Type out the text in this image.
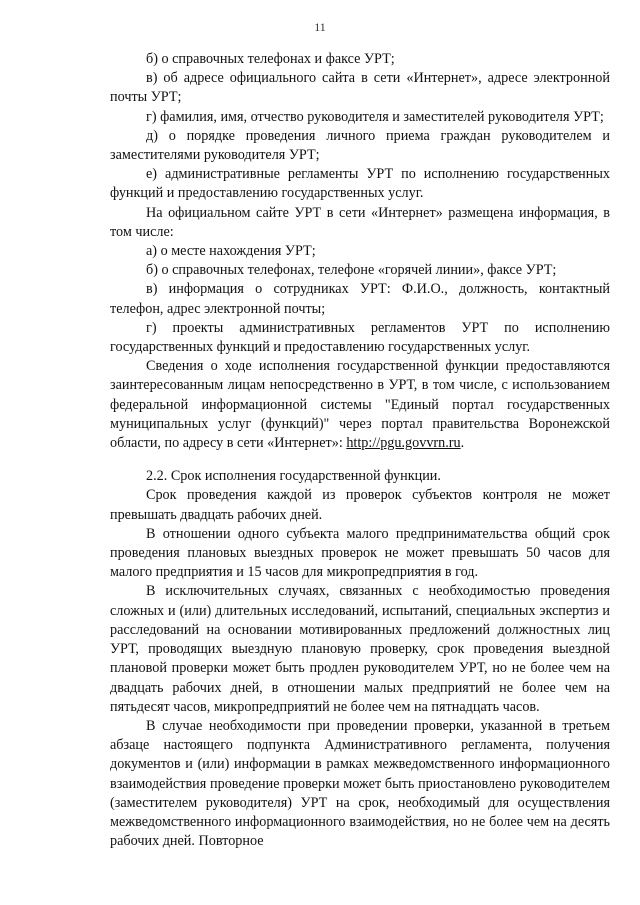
11

б) о справочных телефонах и факсе УРТ;

в) об адресе официального сайта в сети «Интернет», адресе электронной почты УРТ;

г) фамилия, имя, отчество руководителя и заместителей руководителя УРТ;

д) о порядке проведения личного приема граждан руководителем и заместителями руководителя УРТ;

е) административные регламенты УРТ по исполнению государственных функций и предоставлению государственных услуг.

На официальном сайте УРТ в сети «Интернет» размещена информация, в том числе:

а) о месте нахождения УРТ;

б) о справочных телефонах, телефоне «горячей линии», факсе УРТ;

в) информация о сотрудниках УРТ: Ф.И.О., должность, контактный телефон, адрес электронной почты;

г) проекты административных регламентов УРТ по исполнению государственных функций и предоставлению государственных услуг.

Сведения о ходе исполнения государственной функции предоставляются заинтересованным лицам непосредственно в УРТ, в том числе, с использованием федеральной информационной системы "Единый портал государственных муниципальных услуг (функций)" через портал правительства Воронежской области, по адресу в сети «Интернет»: http://pgu.govvrn.ru.

2.2. Срок исполнения государственной функции.

Срок проведения каждой из проверок субъектов контроля не может превышать двадцать рабочих дней.

В отношении одного субъекта малого предпринимательства общий срок проведения плановых выездных проверок не может превышать 50 часов для малого предприятия и 15 часов для микропредприятия в год.

В исключительных случаях, связанных с необходимостью проведения сложных и (или) длительных исследований, испытаний, специальных экспертиз и расследований на основании мотивированных предложений должностных лиц УРТ, проводящих выездную плановую проверку, срок проведения выездной плановой проверки может быть продлен руководителем УРТ, но не более чем на двадцать рабочих дней, в отношении малых предприятий не более чем на пятьдесят часов, микропредприятий не более чем на пятнадцать часов.

В случае необходимости при проведении проверки, указанной в третьем абзаце настоящего подпункта Административного регламента, получения документов и (или) информации в рамках межведомственного информационного взаимодействия проведение проверки может быть приостановлено руководителем (заместителем руководителя) УРТ на срок, необходимый для осуществления межведомственного информационного взаимодействия, но не более чем на десять рабочих дней. Повторное
